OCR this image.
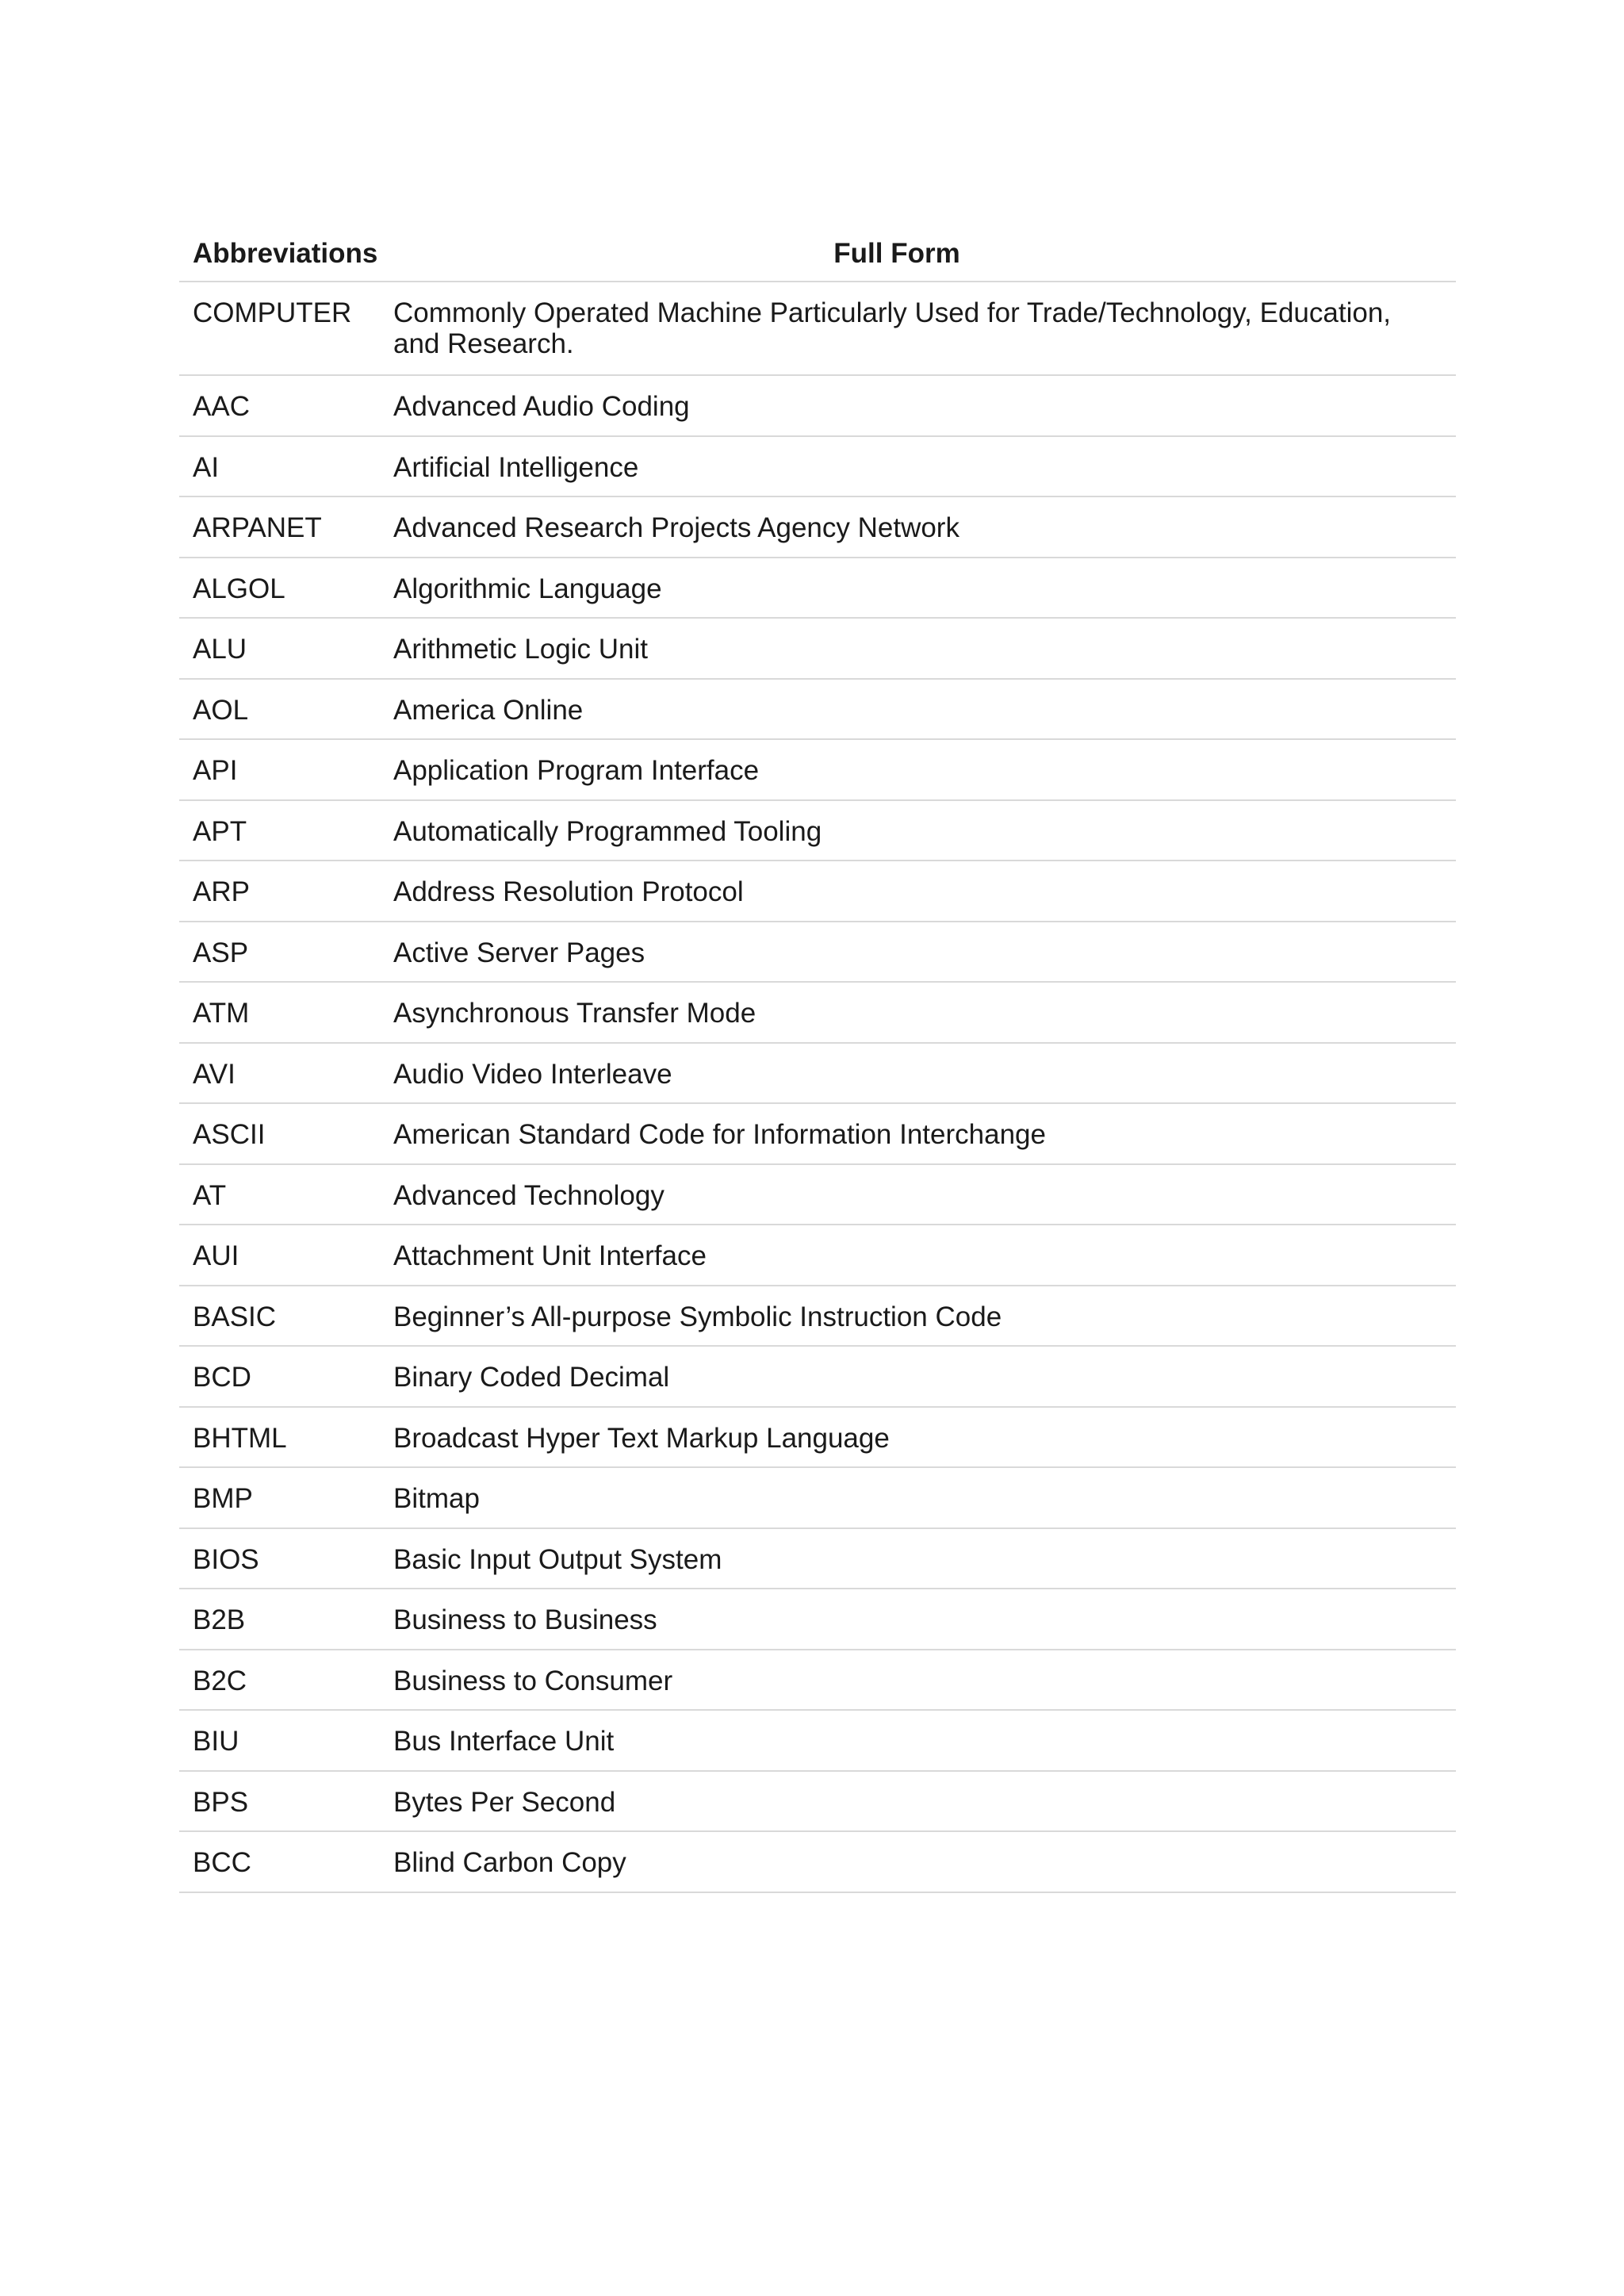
Abbreviations	Full Form
COMPUTER	Commonly Operated Machine Particularly Used for Trade/Technology, Education, and Research.
AAC	Advanced Audio Coding
AI	Artificial Intelligence
ARPANET	Advanced Research Projects Agency Network
ALGOL	Algorithmic Language
ALU	Arithmetic Logic Unit
AOL	America Online
API	Application Program Interface
APT	Automatically Programmed Tooling
ARP	Address Resolution Protocol
ASP	Active Server Pages
ATM	Asynchronous Transfer Mode
AVI	Audio Video Interleave
ASCII	American Standard Code for Information Interchange
AT	Advanced Technology
AUI	Attachment Unit Interface
BASIC	Beginner’s All-purpose Symbolic Instruction Code
BCD	Binary Coded Decimal
BHTML	Broadcast Hyper Text Markup Language
BMP	Bitmap
BIOS	Basic Input Output System
B2B	Business to Business
B2C	Business to Consumer
BIU	Bus Interface Unit
BPS	Bytes Per Second
BCC	Blind Carbon Copy
